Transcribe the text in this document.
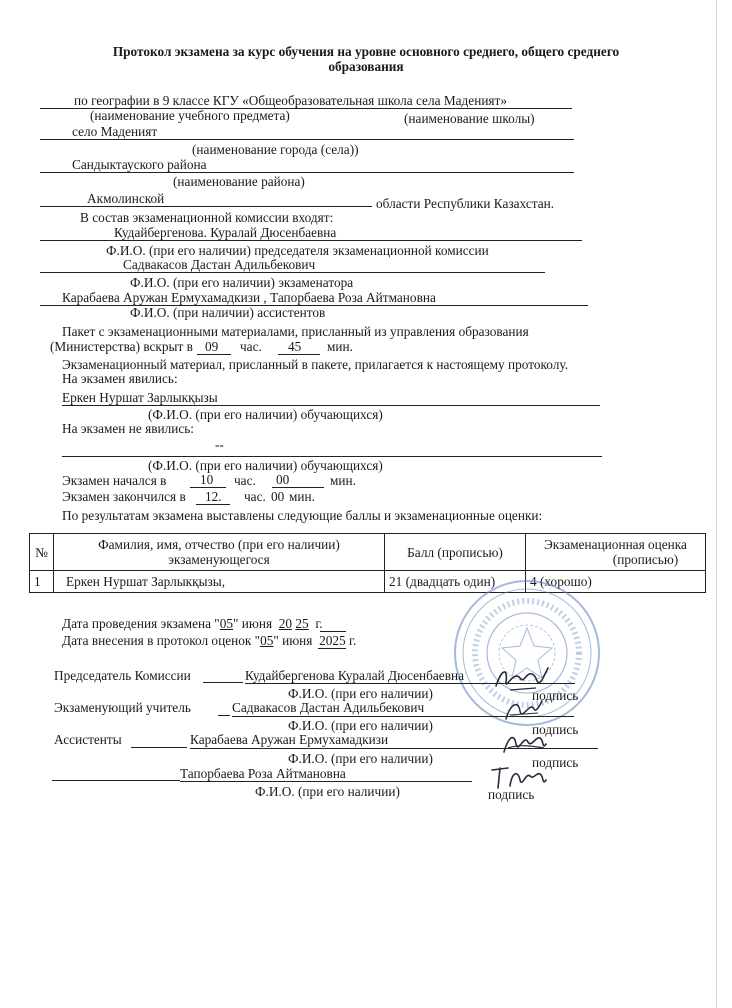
Протокол экзамена за курс обучения на уровне основного среднего, общего среднего
образования
по географии в 9 классе КГУ «Общеобразовательная школа села Маденият»
(наименование учебного предмета)	(наименование школы)
село Маденият
(наименование города (села))
Сандыктауского района
(наименование района)
Акмолинской	области Республики Казахстан.
В состав экзаменационной комиссии входят:
Кудайбергенова. Куралай Дюсенбаевна
Ф.И.О. (при его наличии) председателя экзаменационной комиссии
Садвакасов Дастан Адильбекович
Ф.И.О. (при его наличии) экзаменатора
Карабаева Аружан Ермухамадкизи , Тапорбаева Роза Айтмановна
Ф.И.О. (при наличии) ассистентов
Пакет с экзаменационными материалами, присланный из управления образования
(Министерства) вскрыт в 09 час. 45 мин.
Экзаменационный материал, присланный в пакете, прилагается к настоящему протоколу.
На экзамен явились:
Еркен Нуршат Зарлыкқызы
(Ф.И.О. (при его наличии) обучающихся)
На экзамен не явились:
--
(Ф.И.О. (при его наличии) обучающихся)
Экзамен начался в	10 час. 00	мин.
Экзамен закончился в 12. час. 00 мин.
По результатам экзамена выставлены следующие баллы и экзаменационные оценки:
№	Фамилия, имя, отчество (при его наличии)
экзаменующегося	Балл (прописью)	Экзаменационная оценка
(прописью)
1	Еркен Нуршат Зарлыкқызы,	21 (двадцать один)	4 (хорошо)
Дата проведения экзамена "05" июня 20 25 г.
Дата внесения в протокол оценок "05" июня 2025 г.
Председатель Комиссии	Кудайбергенова Куралай Дюсенбаевна
Ф.И.О. (при его наличии)	подпись
Экзаменующий учитель	Садвакасов Дастан Адильбекович
Ф.И.О. (при его наличии)	подпись
Ассистенты	Карабаева Аружан Ермухамадкизи
Ф.И.О. (при его наличии)	подпись
Тапорбаева Роза Айтмановна
Ф.И.О. (при его наличии)	подпись
